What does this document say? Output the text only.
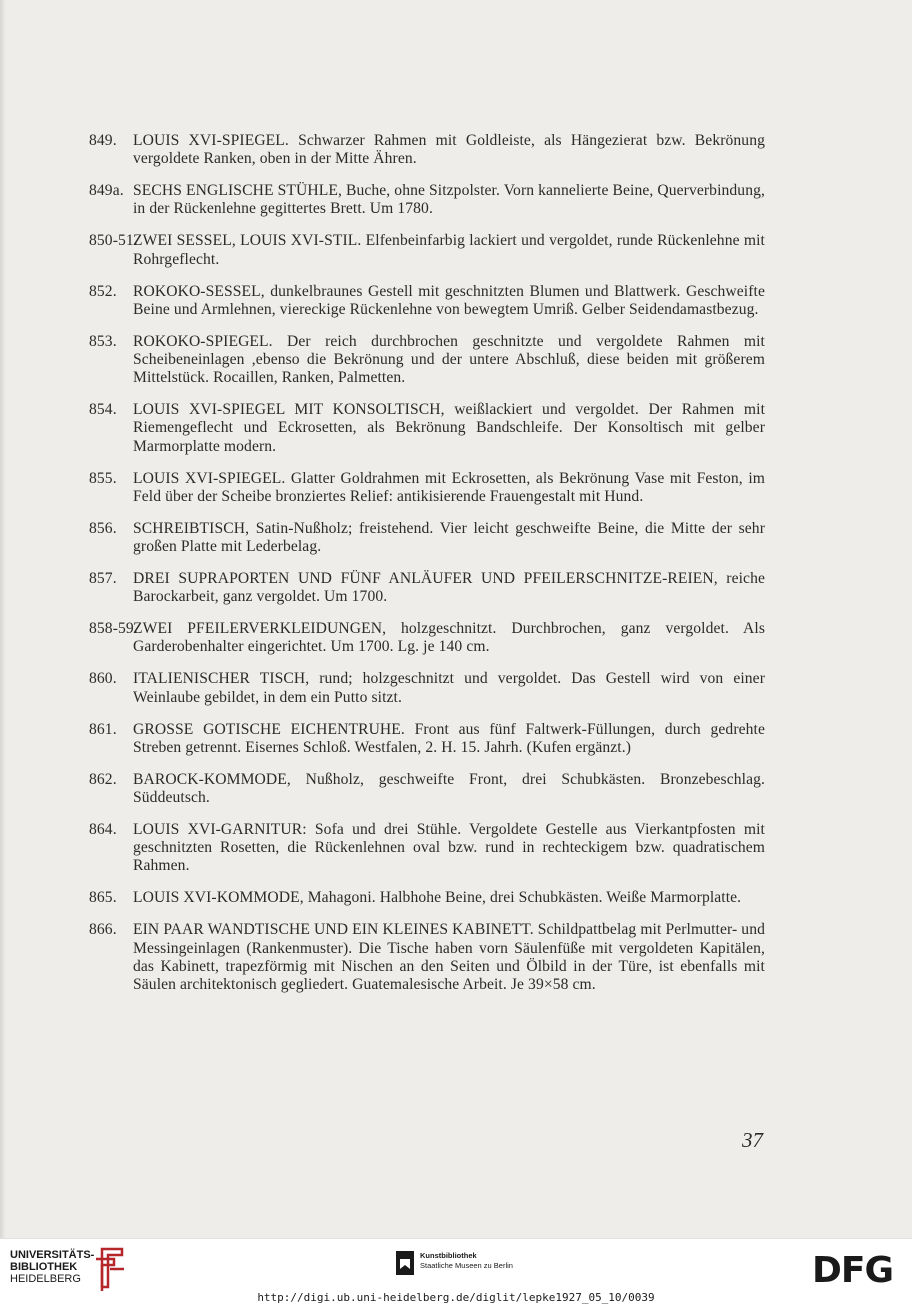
849. LOUIS XVI-SPIEGEL. Schwarzer Rahmen mit Goldleiste, als Hängezierat bzw. Bekrönung vergoldete Ranken, oben in der Mitte Ähren.
849a. SECHS ENGLISCHE STÜHLE, Buche, ohne Sitzpolster. Vorn kannelierte Beine, Querverbindung, in der Rückenlehne gegittertes Brett. Um 1780.
850-51.
ZWEI SESSEL, LOUIS XVI-STIL. Elfenbeinfarbig lackiert und vergoldet, runde Rückenlehne mit Rohrgeflecht.
852. ROKOKO-SESSEL, dunkelbraunes Gestell mit geschnitzten Blumen und Blattwerk. Geschweifte Beine und Armlehnen, viereckige Rückenlehne von bewegtem Umriß. Gelber Seidendamastbezug.
853. ROKOKO-SPIEGEL. Der reich durchbrochen geschnitzte und vergoldete Rahmen mit Scheibeneinlagen ,ebenso die Bekrönung und der untere Abschluß, diese beiden mit größerem Mittelstück. Rocaillen, Ranken, Palmetten.
854. LOUIS XVI-SPIEGEL MIT KONSOLTISCH, weißlackiert und vergoldet. Der Rahmen mit Riemengeflecht und Eckrosetten, als Bekrönung Bandschleife. Der Konsoltisch mit gelber Marmorplatte modern.
855. LOUIS XVI-SPIEGEL. Glatter Goldrahmen mit Eckrosetten, als Bekrönung Vase mit Feston, im Feld über der Scheibe bronziertes Relief: antikisierende Frauengestalt mit Hund.
856. SCHREIBTISCH, Satin-Nußholz; freistehend. Vier leicht geschweifte Beine, die Mitte der sehr großen Platte mit Lederbelag.
857. DREI SUPRAPORTEN UND FÜNF ANLÄUFER UND PFEILERSCHNITZE-REIEN, reiche Barockarbeit, ganz vergoldet. Um 1700.
858-59.
ZWEI PFEILERVERKLEIDUNGEN, holzgeschnitzt. Durchbrochen, ganz vergoldet. Als Garderobenhalter eingerichtet. Um 1700. Lg. je 140 cm.
860. ITALIENISCHER TISCH, rund; holzgeschnitzt und vergoldet. Das Gestell wird von einer Weinlaube gebildet, in dem ein Putto sitzt.
861. GROSSE GOTISCHE EICHENTRUHE. Front aus fünf Faltwerk-Füllungen, durch gedrehte Streben getrennt. Eisernes Schloß. Westfalen, 2. H. 15. Jahrh. (Kufen ergänzt.)
862. BAROCK-KOMMODE, Nußholz, geschweifte Front, drei Schubkästen. Bronzebeschlag. Süddeutsch.
864. LOUIS XVI-GARNITUR: Sofa und drei Stühle. Vergoldete Gestelle aus Vierkantpfosten mit geschnitzten Rosetten, die Rückenlehnen oval bzw. rund in rechteckigem bzw. quadratischem Rahmen.
865. LOUIS XVI-KOMMODE, Mahagoni. Halbhohe Beine, drei Schubkästen. Weiße Marmorplatte.
866. EIN PAAR WANDTISCHE UND EIN KLEINES KABINETT. Schildpattbelag mit Perlmutter- und Messingeinlagen (Rankenmuster). Die Tische haben vorn Säulenfüße mit vergoldeten Kapitälen, das Kabinett, trapezförmig mit Nischen an den Seiten und Ölbild in der Türe, ist ebenfalls mit Säulen architektonisch gegliedert. Guatemalesische Arbeit. Je 39×58 cm.
37
UNIVERSITÄTS-
BIBLIOTHEK
HEIDELBERG
Kunstbibliothek
Staatliche Museen zu Berlin
http://digi.ub.uni-heidelberg.de/diglit/lepke1927_05_10/0039
DFG
